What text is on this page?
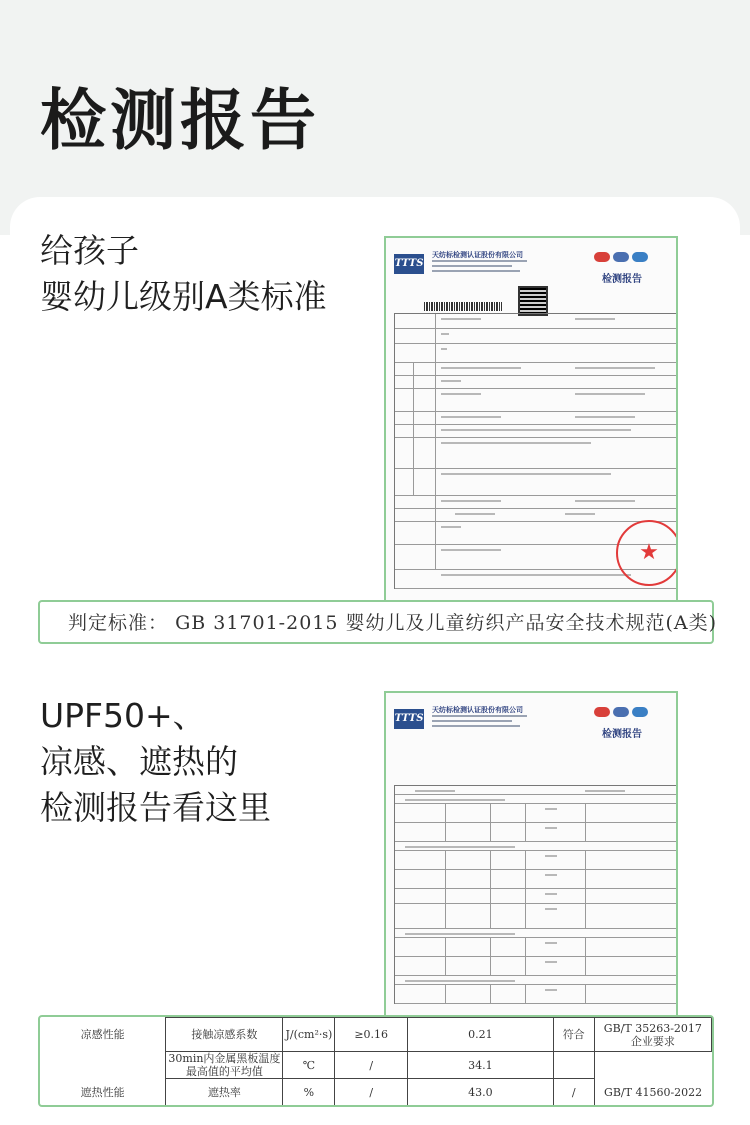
检测报告
给孩子
婴幼儿级别A类标准
TTTS
天纺标检测认证股份有限公司
检测报告
★
判定标准： GB 31701-2015 婴幼儿及儿童纺织产品安全技术规范(A类)
UPF50+、
凉感、遮热的
检测报告看这里
TTTS
天纺标检测认证股份有限公司
检测报告
凉感性能	接触凉感系数	J/(cm²·s)	≥0.16	0.21	符合	GB/T 35263-2017 企业要求
	30min内金属黑板温度最高值的平均值	℃	/	34.1		
遮热性能	遮热率	%	/	43.0	/	GB/T 41560-2022
